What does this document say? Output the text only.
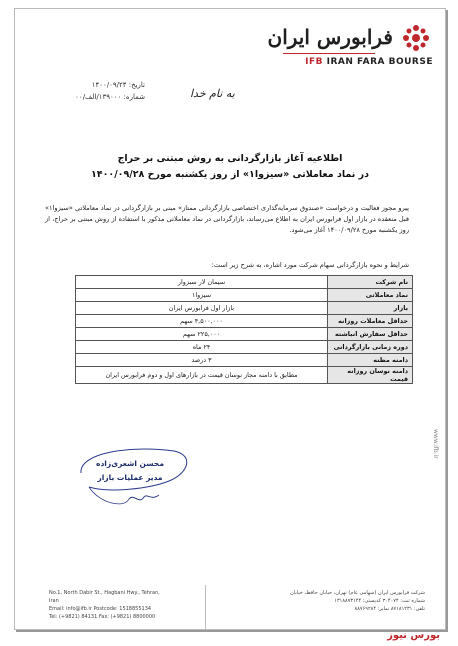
فرابورس ایران
IFB IRAN FARA BOURSE
به نام خدا
تاریخ: ۱۴۰۰/۰۹/۲۴
شماره: ۱۳۹۰۰۰/الف/۰۰
اطلاعیه آغاز بازارگردانی به روش مبتنی بر حراج
در نماد معاملاتی «سیزوا۱» از روز یکشنبه مورخ ۱۴۰۰/۰۹/۲۸
پیرو مجوز فعالیت و درخواست «صندوق سرمایه‌گذاری اختصاصی بازارگردانی ممتاز» مبنی بر بازارگردانی در نماد معاملاتی «سیزوا۱» قبل منعقده در بازار اول فرابورس ایران به اطلاع می‌رساند، بازارگردانی در نماد معاملاتی مذکور با استفاده از روش مبتنی بر حراج، از روز یکشنبه مورخ ۱۴۰۰/۰۹/۲۸ آغاز می‌شود.
شرایط و نحوه بازارگردانی سهام شرکت مورد اشاره، به شرح زیر است:
نام شرکت	سیمان لار سبزوار
نماد معاملاتی	سیزوا۱
بازار	بازار اول فرابورس ایران
حداقل معاملات روزانه	۴,۵۰۰,۰۰۰ سهم
حداقل سفارش انباشته	۲۲۵,۰۰۰ سهم
دوره زمانی بازارگردانی	۲۴ ماه
دامنه مظنه	۳ درصد
دامنه نوسان روزانه قیمت	مطابق با دامنه مجاز نوسان قیمت در بازارهای اول و دوم فرابورس ایران
محسن اشعری‌زاده
مدیر عملیات بازار
www.ifb.ir
شرکت فرابورس ایران (سهامی عام) تهران، خیابان حافظ، خیابان
شماره ثبت: ۳۰۴۰۷۴ کدپستی: ۱۳۱۸۸۷۳۱۴۴
تلفن: ۸۷۱۸۱۲۳۱ نمابر: ۸۸۷۶۹۲۸۴
No.1, North Dabir St., Hagbani Hwy., Tehran, Iran
Email: info@ifb.ir Postcode: 1518855134
Tel: (+9821) 84131 Fax: (+9821) 8800000
بورس نیوز
